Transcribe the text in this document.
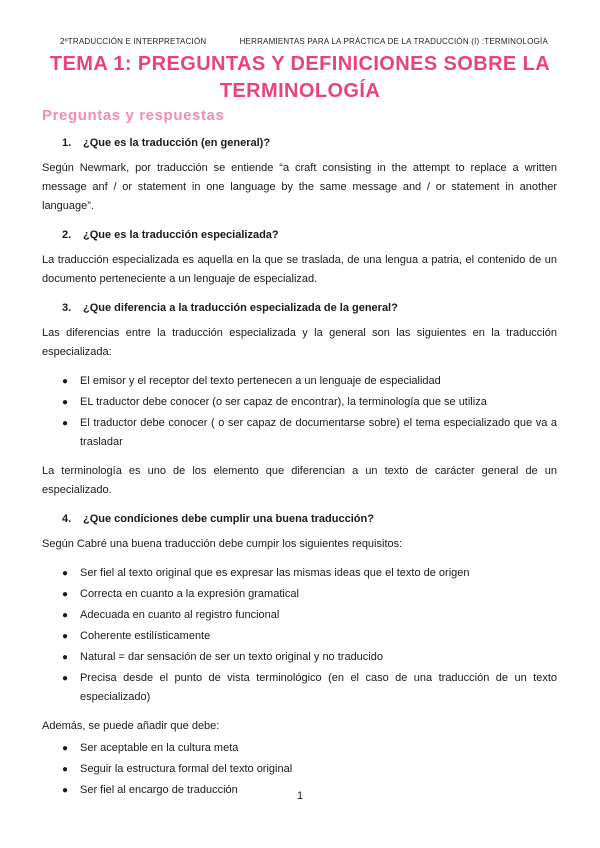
2ºTRADUCCIÓN E INTERPRETACIÓN	HERRAMIENTAS PARA LA PRÁCTICA DE LA TRADUCCIÓN (I) :TERMINOLOGÍA
TEMA 1: PREGUNTAS Y DEFINICIONES SOBRE LA TERMINOLOGÍA
Preguntas y respuestas
1.	¿Que es la traducción (en general)?

Según Newmark, por traducción se entiende “a craft consisting in the attempt to replace a written message anf / or statement in one language by the same message and / or statement in another language”.

2.	¿Que es la traducción especializada?

La traducción especializada es aquella en la que se traslada, de una lengua a patria, el contenido de un documento perteneciente a un lenguaje de especializad.

3.	¿Que diferencia a la traducción especializada de la general?

Las diferencias entre la traducción especializada y la general son las siguientes en la traducción especializada:

● El emisor y el receptor del texto pertenecen a un lenguaje de especialidad
● EL traductor debe conocer (o ser capaz de encontrar), la terminología que se utiliza
● El traductor debe conocer ( o ser capaz de documentarse sobre) el tema especializado que va a trasladar

La terminología es uno de los elemento que diferencian a un texto de carácter general de un especializado.

4.	¿Que condiciones debe cumplir una buena traducción?

Según Cabré una buena traducción debe cumpir los siguientes requisitos:

● Ser fiel al texto original que es expresar las mismas ideas que el texto de origen
● Correcta en cuanto a la expresión gramatical
● Adecuada en cuanto al registro funcional
● Coherente estilísticamente
● Natural = dar sensación de ser un texto original y no traducido
● Precisa desde el punto de vista terminológico (en el caso de una traducción de un texto especializado)

Además, se puede añadir que debe:

● Ser aceptable en la cultura meta
● Seguir la estructura formal del texto original
● Ser fiel al encargo de traducción	1
